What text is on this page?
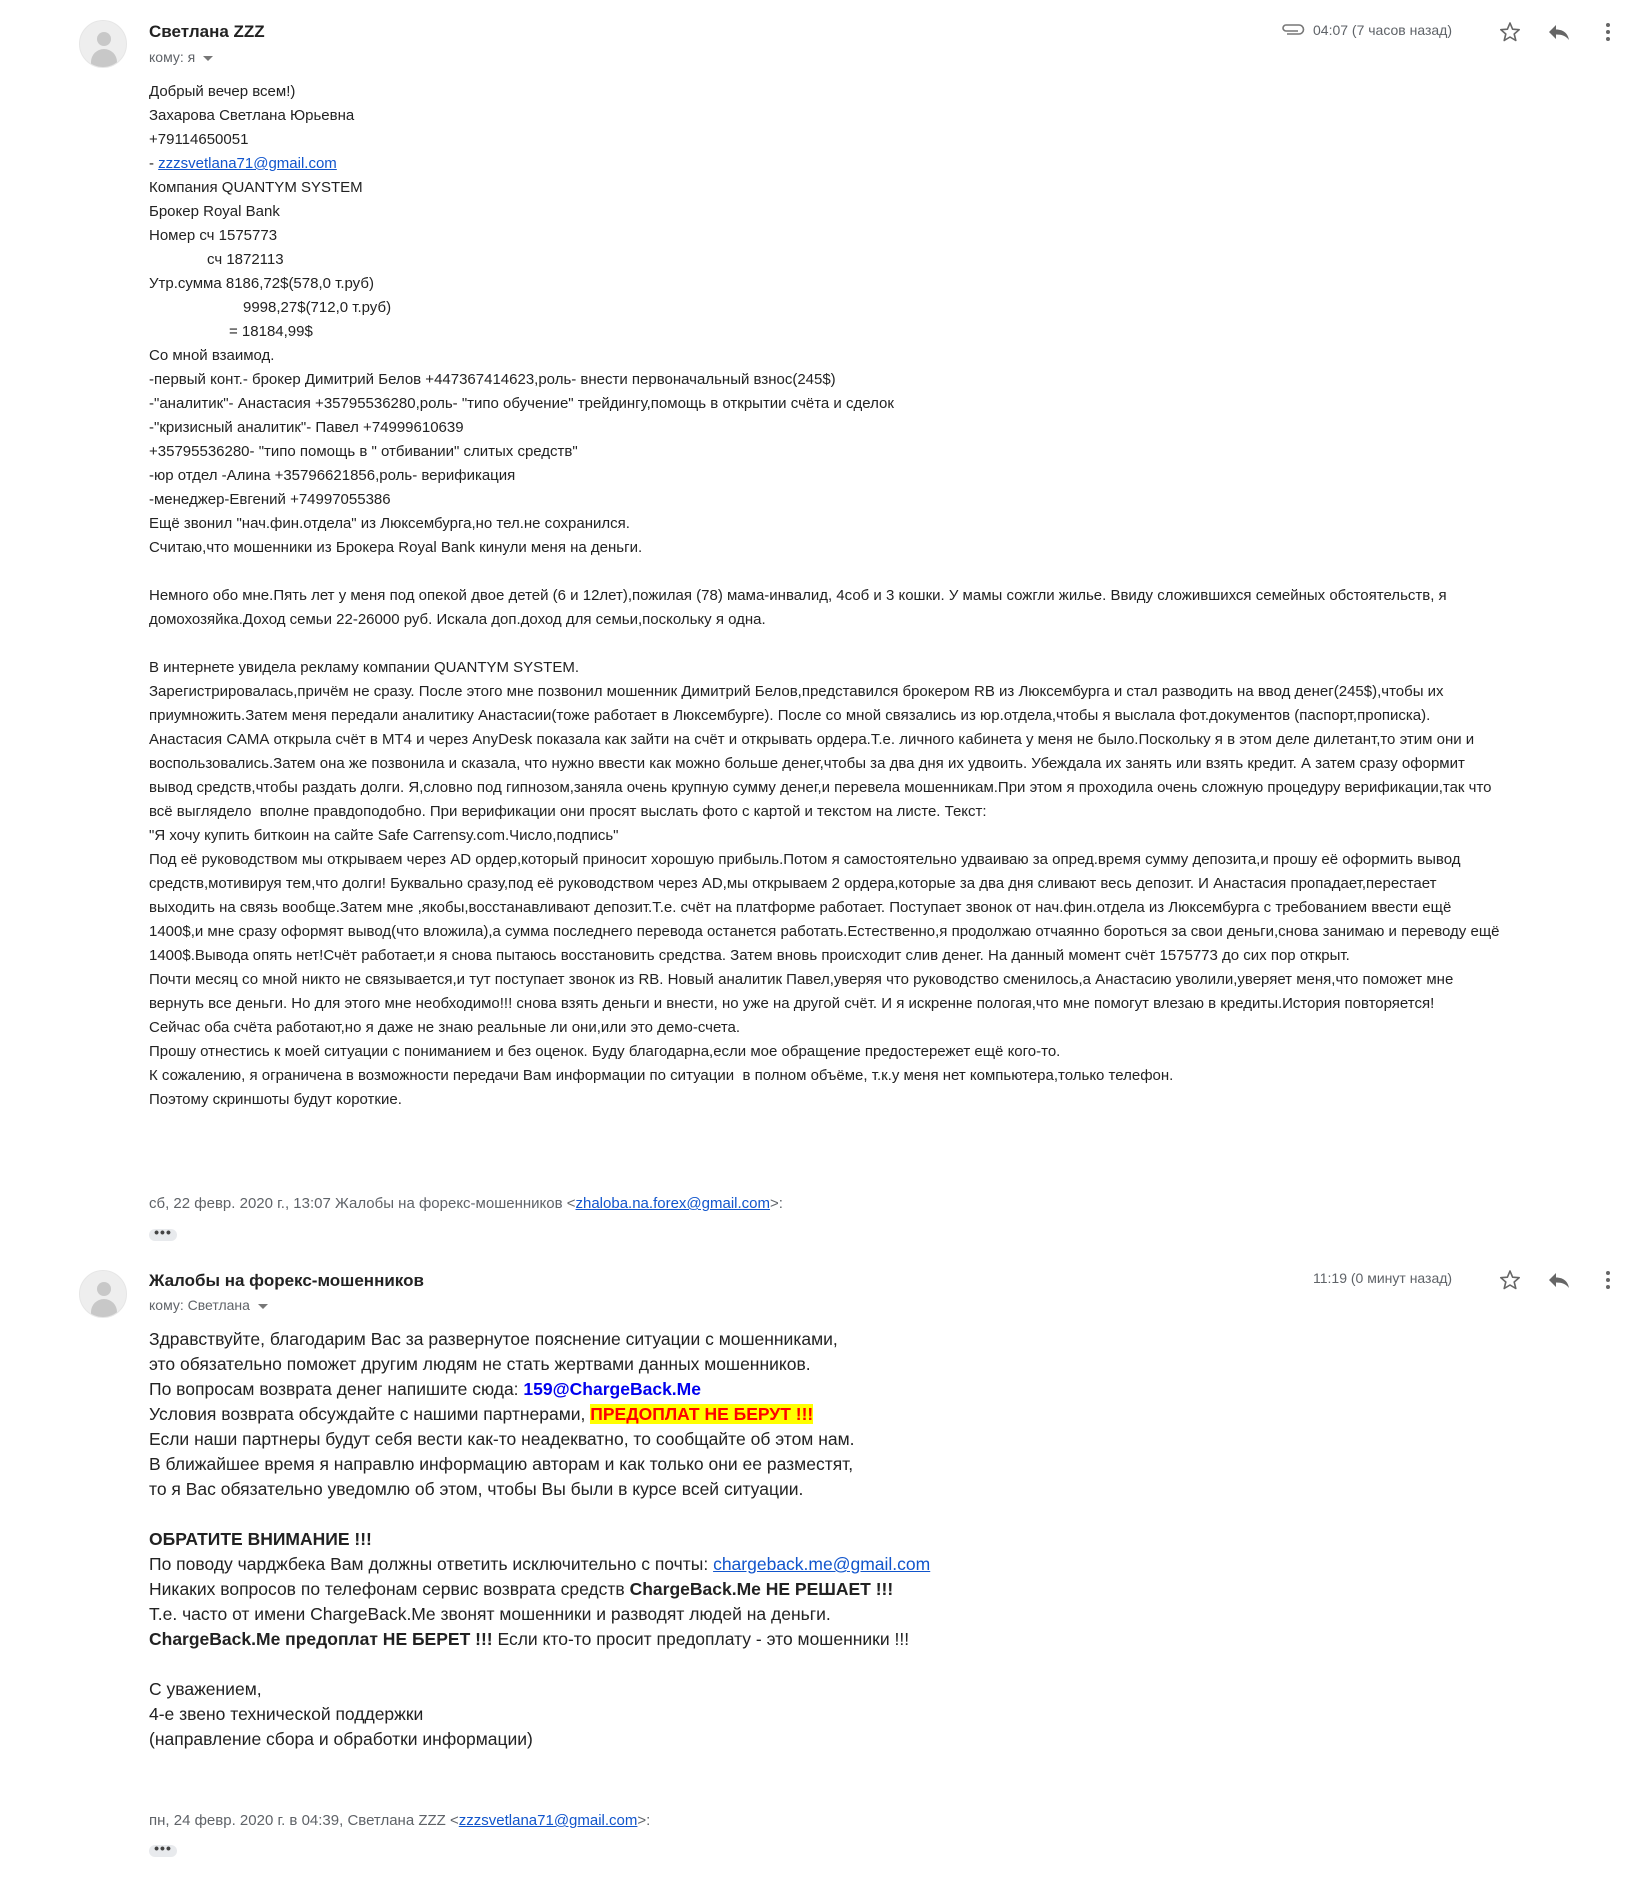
Светлана ZZZ
кому: я
04:07 (7 часов назад)
Добрый вечер всем!)
Захарова Светлана Юрьевна
+79114650051
- zzzsvetlana71@gmail.com
Компания QUANTYM SYSTEM
Брокер Royal Bank
Номер сч 1575773
сч 1872113
Утр.сумма 8186,72$(578,0 т.руб)
9998,27$(712,0 т.руб)
= 18184,99$
Со мной взаимод.
-первый конт.- брокер Димитрий Белов +447367414623,роль- внести первоначальный взнос(245$)
-"аналитик"- Анастасия +35795536280,роль- "типо обучение" трейдингу,помощь в открытии счёта и сделок
-"кризисный аналитик"- Павел +74999610639
+35795536280- "типо помощь в " отбивании" слитых средств"
-юр отдел -Алина +35796621856,роль- верификация
-менеджер-Евгений +74997055386
Ещё звонил "нач.фин.отдела" из Люксембурга,но тел.не сохранился.
Считаю,что мошенники из Брокера Royal Bank кинули меня на деньги.

Немного обо мне.Пять лет у меня под опекой двое детей (6 и 12лет),пожилая (78) мама-инвалид, 4соб и 3 кошки. У мамы сожгли жилье. Ввиду сложившихся семейных обстоятельств, я
домохозяйка.Доход семьи 22-26000 руб. Искала доп.доход для семьи,поскольку я одна.

В интернете увидела рекламу компании QUANTYM SYSTEM.
Зарегистрировалась,причём не сразу. После этого мне позвонил мошенник Димитрий Белов,представился брокером RB из Люксембурга и стал разводить на ввод денег(245$),чтобы их
приумножить.Затем меня передали аналитику Анастасии(тоже работает в Люксембурге). После со мной связались из юр.отдела,чтобы я выслала фот.документов (паспорт,прописка).
Анастасия САМА открыла счёт в МТ4 и через AnyDesk показала как зайти на счёт и открывать ордера.Т.е. личного кабинета у меня не было.Поскольку я в этом деле дилетант,то этим они и
воспользовались.Затем она же позвонила и сказала, что нужно ввести как можно больше денег,чтобы за два дня их удвоить. Убеждала их занять или взять кредит. А затем сразу оформит
вывод средств,чтобы раздать долги. Я,словно под гипнозом,заняла очень крупную сумму денег,и перевела мошенникам.При этом я проходила очень сложную процедуру верификации,так что
всё выглядело  вполне правдоподобно. При верификации они просят выслать фото с картой и текстом на листе. Текст:
"Я хочу купить биткоин на сайте Safe Carrensy.com.Число,подпись"
Под её руководством мы открываем через AD ордер,который приносит хорошую прибыль.Потом я самостоятельно удваиваю за опред.время сумму депозита,и прошу её оформить вывод
средств,мотивируя тем,что долги! Буквально сразу,под её руководством через AD,мы открываем 2 ордера,которые за два дня сливают весь депозит. И Анастасия пропадает,перестает
выходить на связь вообще.Затем мне ,якобы,восстанавливают депозит.Т.е. счёт на платформе работает. Поступает звонок от нач.фин.отдела из Люксембурга с требованием ввести ещё
1400$,и мне сразу оформят вывод(что вложила),а сумма последнего перевода останется работать.Естественно,я продолжаю отчаянно бороться за свои деньги,снова занимаю и переводу ещё
1400$.Вывода опять нет!Счёт работает,и я снова пытаюсь восстановить средства. Затем вновь происходит слив денег. На данный момент счёт 1575773 до сих пор открыт.
Почти месяц со мной никто не связывается,и тут поступает звонок из RB. Новый аналитик Павел,уверяя что руководство сменилось,а Анастасию уволили,уверяет меня,что поможет мне
вернуть все деньги. Но для этого мне необходимо!!! снова взять деньги и внести, но уже на другой счёт. И я искренне пологая,что мне помогут влезаю в кредиты.История повторяется!
Сейчас оба счёта работают,но я даже не знаю реальные ли они,или это демо-счета.
Прошу отнестись к моей ситуации с пониманием и без оценок. Буду благодарна,если мое обращение предостережет ещё кого-то.
К сожалению, я ограничена в возможности передачи Вам информации по ситуации  в полном объёме, т.к.у меня нет компьютера,только телефон.
Поэтому скриншоты будут короткие.
сб, 22 февр. 2020 г., 13:07 Жалобы на форекс-мошенников <zhaloba.na.forex@gmail.com>:
•••
Жалобы на форекс-мошенников
кому: Светлана
11:19 (0 минут назад)
Здравствуйте, благодарим Вас за развернутое пояснение ситуации с мошенниками,
это обязательно поможет другим людям не стать жертвами данных мошенников.
По вопросам возврата денег напишите сюда: 159@ChargeBack.Me
Условия возврата обсуждайте с нашими партнерами, ПРЕДОПЛАТ НЕ БЕРУТ !!!
Если наши партнеры будут себя вести как-то неадекватно, то сообщайте об этом нам.
В ближайшее время я направлю информацию авторам и как только они ее разместят,
то я Вас обязательно уведомлю об этом, чтобы Вы были в курсе всей ситуации.

ОБРАТИТЕ ВНИМАНИЕ !!!
По поводу чарджбека Вам должны ответить исключительно с почты: chargeback.me@gmail.com
Никаких вопросов по телефонам сервис возврата средств ChargeBack.Me НЕ РЕШАЕТ !!!
Т.е. часто от имени ChargeBack.Me звонят мошенники и разводят людей на деньги.
ChargeBack.Me предоплат НЕ БЕРЕТ !!! Если кто-то просит предоплату - это мошенники !!!

С уважением,
4-е звено технической поддержки
(направление сбора и обработки информации)
пн, 24 февр. 2020 г. в 04:39, Светлана ZZZ <zzzsvetlana71@gmail.com>:
•••
